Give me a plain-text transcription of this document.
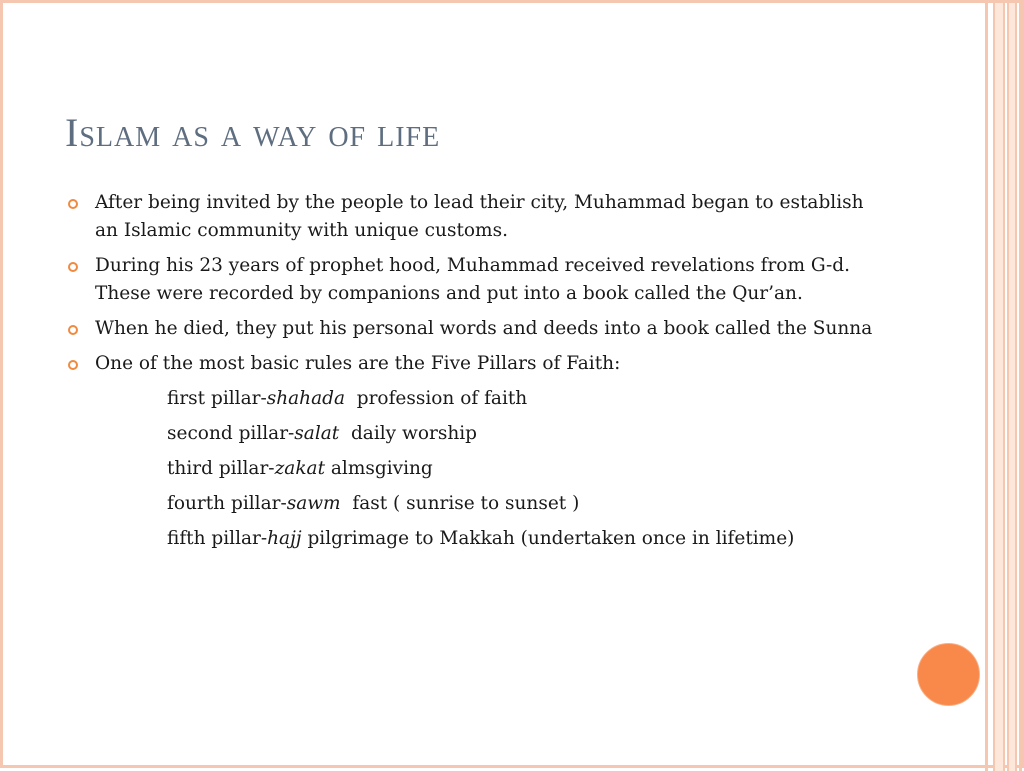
Islam as a way of life
After being invited by the people to lead their city, Muhammad began to establish an Islamic community with unique customs.
During his 23 years of prophet hood, Muhammad received revelations from G-d. These were recorded by companions and put into a book called the Qur’an.
When he died, they put his personal words and deeds into a book called the Sunna
One of the most basic rules are the Five Pillars of Faith:
first pillar-shahada  profession of faith
second pillar-salat  daily worship
third pillar-zakat almsgiving
fourth pillar-sawm  fast ( sunrise to sunset )
fifth pillar-hajj pilgrimage to Makkah (undertaken once in lifetime)
